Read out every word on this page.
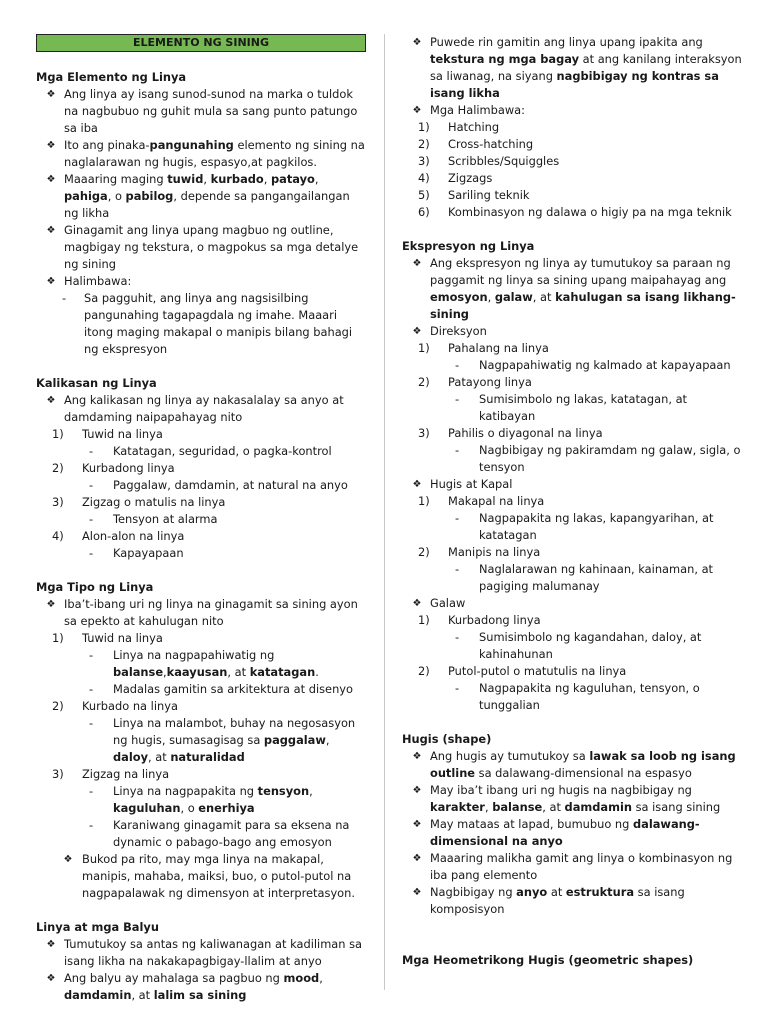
ELEMENTO NG SINING
Mga Elemento ng Linya
❖ Ang linya ay isang sunod-sunod na marka o tuldok na nagbubuo ng guhit mula sa sang punto patungo sa iba
❖ Ito ang pinaka-pangunahing elemento ng sining na naglalarawan ng hugis, espasyo,at pagkilos.
❖ Maaaring maging tuwid, kurbado, patayo, pahiga, o pabilog, depende sa pangangailangan ng likha
❖ Ginagamit ang linya upang magbuo ng outline, magbigay ng tekstura, o magpokus sa mga detalye ng sining
❖ Halimbawa:
-	Sa pagguhit, ang linya ang nagsisilbing pangunahing tagapagdala ng imahe. Maaari itong maging makapal o manipis bilang bahagi ng ekspresyon
Kalikasan ng Linya
❖ Ang kalikasan ng linya ay nakasalalay sa anyo at damdaming naipapahayag nito
1)	Tuwid na linya
-	Katatagan, seguridad, o pagka-kontrol
2)	Kurbadong linya
-	Paggalaw, damdamin, at natural na anyo
3)	Zigzag o matulis na linya
-	Tensyon at alarma
4)	Alon-alon na linya
-	Kapayapaan
Mga Tipo ng Linya
❖ Iba’t-ibang uri ng linya na ginagamit sa sining ayon sa epekto at kahulugan nito
1)	Tuwid na linya
-	Linya na nagpapahiwatig ng balanse,kaayusan, at katatagan.
-	Madalas gamitin sa arkitektura at disenyo
2)	Kurbado na linya
-	Linya na malambot, buhay na negosasyon ng hugis, sumasagisag sa paggalaw, daloy, at naturalidad
3)	Zigzag na linya
-	Linya na nagpapakita ng tensyon, kaguluhan, o enerhiya
-	Karaniwang ginagamit para sa eksena na dynamic o pabago-bago ang emosyon
❖ Bukod pa rito, may mga linya na makapal, manipis, mahaba, maiksi, buo, o putol-putol na nagpapalawak ng dimensyon at interpretasyon.
Linya at mga Balyu
❖ Tumutukoy sa antas ng kaliwanagan at kadiliman sa isang likha na nakakapagbigay-llalim at anyo
❖ Ang balyu ay mahalaga sa pagbuo ng mood, damdamin, at lalim sa sining
❖ Puwede rin gamitin ang linya upang ipakita ang tekstura ng mga bagay at ang kanilang interaksyon sa liwanag, na siyang nagbibigay ng kontras sa isang likha
❖ Mga Halimbawa:
1)	Hatching
2)	Cross-hatching
3)	Scribbles/Squiggles
4)	Zigzags
5)	Sariling teknik
6)	Kombinasyon ng dalawa o higiy pa na mga teknik
Ekspresyon ng Linya
❖ Ang ekspresyon ng linya ay tumutukoy sa paraan ng paggamit ng linya sa sining upang maipahayag ang emosyon, galaw, at kahulugan sa isang likhang-sining
❖ Direksyon
1)	Pahalang na linya
-	Nagpapahiwatig ng kalmado at kapayapaan
2)	Patayong linya
-	Sumisimbolo ng lakas, katatagan, at katibayan
3)	Pahilis o diyagonal na linya
-	Nagbibigay ng pakiramdam ng galaw, sigla, o tensyon
❖ Hugis at Kapal
1)	Makapal na linya
-	Nagpapakita ng lakas, kapangyarihan, at katatagan
2)	Manipis na linya
-	Naglalarawan ng kahinaan, kainaman, at pagiging malumanay
❖ Galaw
1)	Kurbadong linya
-	Sumisimbolo ng kagandahan, daloy, at kahinahunan
2)	Putol-putol o matutulis na linya
-	Nagpapakita ng kaguluhan, tensyon, o tunggalian
Hugis (shape)
❖ Ang hugis ay tumutukoy sa lawak sa loob ng isang outline sa dalawang-dimensional na espasyo
❖ May iba’t ibang uri ng hugis na nagbibigay ng karakter, balanse, at damdamin sa isang sining
❖ May mataas at lapad, bumubuo ng dalawang-dimensional na anyo
❖ Maaaring malikha gamit ang linya o kombinasyon ng iba pang elemento
❖ Nagbibigay ng anyo at estruktura sa isang komposisyon
Mga Heometrikong Hugis (geometric shapes)
